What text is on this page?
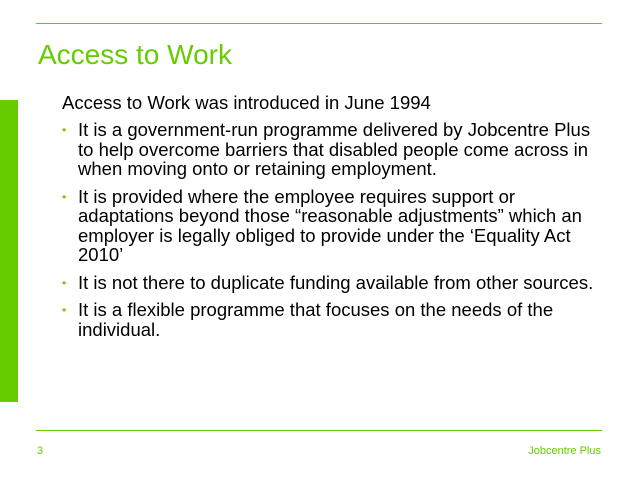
Access to Work

Access to Work was introduced in June 1994

• It is a government-run programme delivered by Jobcentre Plus to help overcome barriers that disabled people come across in when moving onto or retaining employment.
• It is provided where the employee requires support or adaptations beyond those “reasonable adjustments” which an employer is legally obliged to provide under the ‘Equality Act 2010’
• It is not there to duplicate funding available from other sources.
• It is a flexible programme that focuses on the needs of the individual.
3	Jobcentre Plus
